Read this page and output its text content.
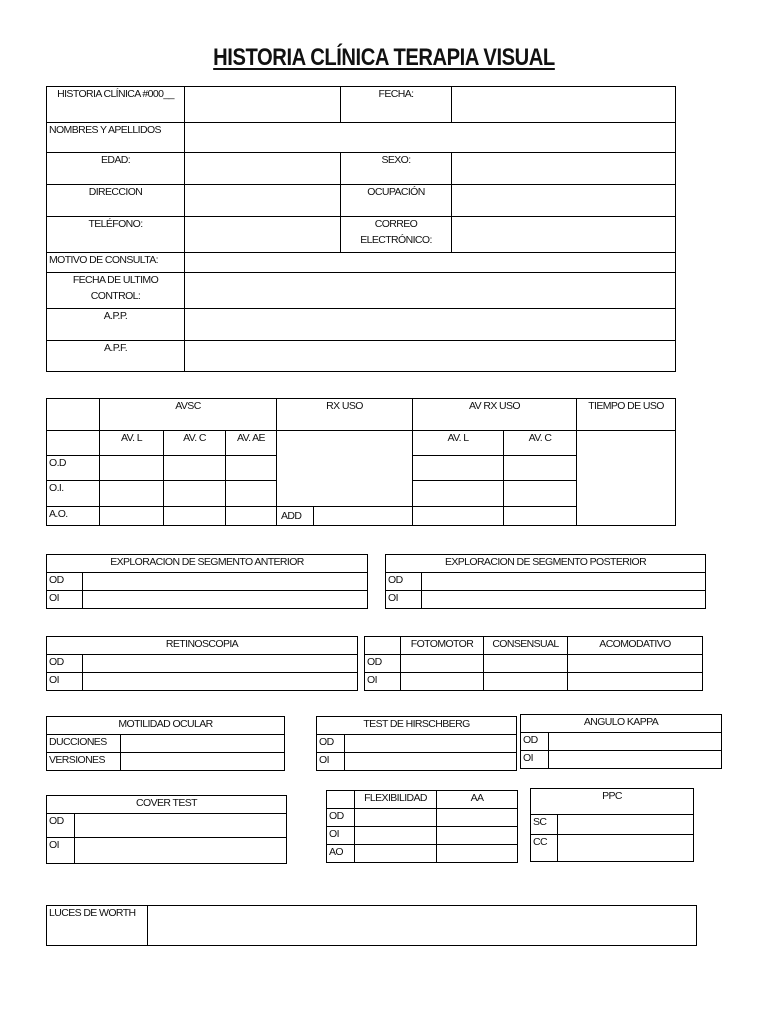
HISTORIA CLÍNICA TERAPIA VISUAL
HISTORIA CLÍNICA #000__		FECHA:	
NOMBRES Y APELLIDOS			
EDAD:		SEXO:	
DIRECCION		OCUPACIÓN	
TELÉFONO:		CORREO ELECTRÓNICO:	
MOTIVO DE CONSULTA:			
FECHA DE ULTIMO CONTROL:			
A.P.P.			
A.P.F.			
	AVSC			RX USO	AV RX USO		TIEMPO DE USO
	AV. L	AV. C	AV. AE		AV. L	AV. C	
O.D							
O.I.							
A.O.				ADD			

EXPLORACION DE SEGMENTO ANTERIOR	
OD	
OI	
EXPLORACION DE SEGMENTO POSTERIOR	
OD	
OI	
RETINOSCOPIA	
OD	
OI	
	FOTOMOTOR	CONSENSUAL	ACOMODATIVO
OD			
OI			
MOTILIDAD OCULAR	
DUCCIONES	
VERSIONES	
TEST DE HIRSCHBERG	
OD	
OI	
ANGULO KAPPA	
OD	
OI	
COVER TEST	
OD	
OI	
	FLEXIBILIDAD	AA
OD		
OI		
AO		
PPC	
SC	
CC	
LUCES DE WORTH	
